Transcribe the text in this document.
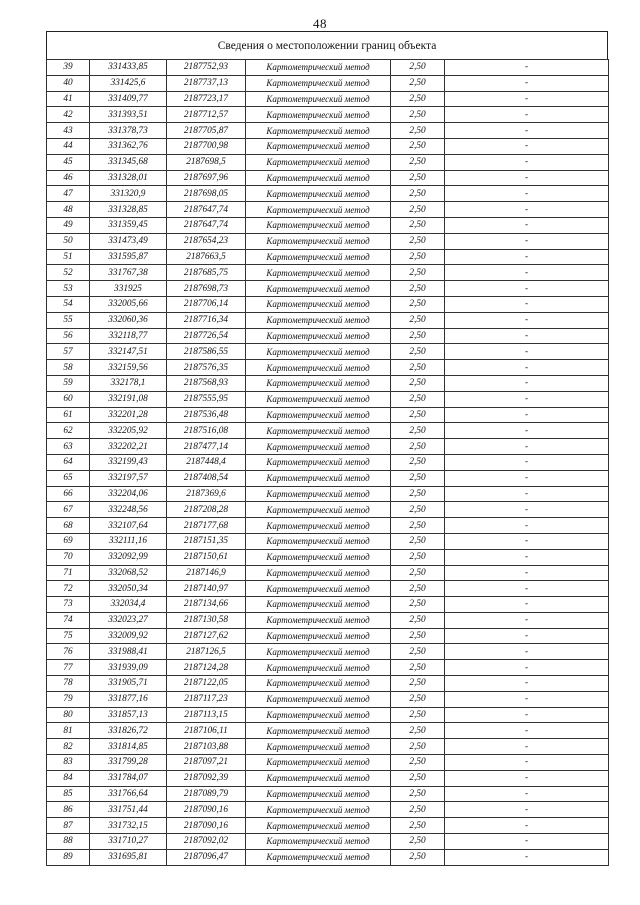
48
Сведения о местоположении границ объекта
39	331433,85	2187752,93	Картометрический метод	2,50	-
40	331425,6	2187737,13	Картометрический метод	2,50	-
41	331409,77	2187723,17	Картометрический метод	2,50	-
42	331393,51	2187712,57	Картометрический метод	2,50	-
43	331378,73	2187705,87	Картометрический метод	2,50	-
44	331362,76	2187700,98	Картометрический метод	2,50	-
45	331345,68	2187698,5	Картометрический метод	2,50	-
46	331328,01	2187697,96	Картометрический метод	2,50	-
47	331320,9	2187698,05	Картометрический метод	2,50	-
48	331328,85	2187647,74	Картометрический метод	2,50	-
49	331359,45	2187647,74	Картометрический метод	2,50	-
50	331473,49	2187654,23	Картометрический метод	2,50	-
51	331595,87	2187663,5	Картометрический метод	2,50	-
52	331767,38	2187685,75	Картометрический метод	2,50	-
53	331925	2187698,73	Картометрический метод	2,50	-
54	332005,66	2187706,14	Картометрический метод	2,50	-
55	332060,36	2187716,34	Картометрический метод	2,50	-
56	332118,77	2187726,54	Картометрический метод	2,50	-
57	332147,51	2187586,55	Картометрический метод	2,50	-
58	332159,56	2187576,35	Картометрический метод	2,50	-
59	332178,1	2187568,93	Картометрический метод	2,50	-
60	332191,08	2187555,95	Картометрический метод	2,50	-
61	332201,28	2187536,48	Картометрический метод	2,50	-
62	332205,92	2187516,08	Картометрический метод	2,50	-
63	332202,21	2187477,14	Картометрический метод	2,50	-
64	332199,43	2187448,4	Картометрический метод	2,50	-
65	332197,57	2187408,54	Картометрический метод	2,50	-
66	332204,06	2187369,6	Картометрический метод	2,50	-
67	332248,56	2187208,28	Картометрический метод	2,50	-
68	332107,64	2187177,68	Картометрический метод	2,50	-
69	332111,16	2187151,35	Картометрический метод	2,50	-
70	332092,99	2187150,61	Картометрический метод	2,50	-
71	332068,52	2187146,9	Картометрический метод	2,50	-
72	332050,34	2187140,97	Картометрический метод	2,50	-
73	332034,4	2187134,66	Картометрический метод	2,50	-
74	332023,27	2187130,58	Картометрический метод	2,50	-
75	332009,92	2187127,62	Картометрический метод	2,50	-
76	331988,41	2187126,5	Картометрический метод	2,50	-
77	331939,09	2187124,28	Картометрический метод	2,50	-
78	331905,71	2187122,05	Картометрический метод	2,50	-
79	331877,16	2187117,23	Картометрический метод	2,50	-
80	331857,13	2187113,15	Картометрический метод	2,50	-
81	331826,72	2187106,11	Картометрический метод	2,50	-
82	331814,85	2187103,88	Картометрический метод	2,50	-
83	331799,28	2187097,21	Картометрический метод	2,50	-
84	331784,07	2187092,39	Картометрический метод	2,50	-
85	331766,64	2187089,79	Картометрический метод	2,50	-
86	331751,44	2187090,16	Картометрический метод	2,50	-
87	331732,15	2187090,16	Картометрический метод	2,50	-
88	331710,27	2187092,02	Картометрический метод	2,50	-
89	331695,81	2187096,47	Картометрический метод	2,50	-
